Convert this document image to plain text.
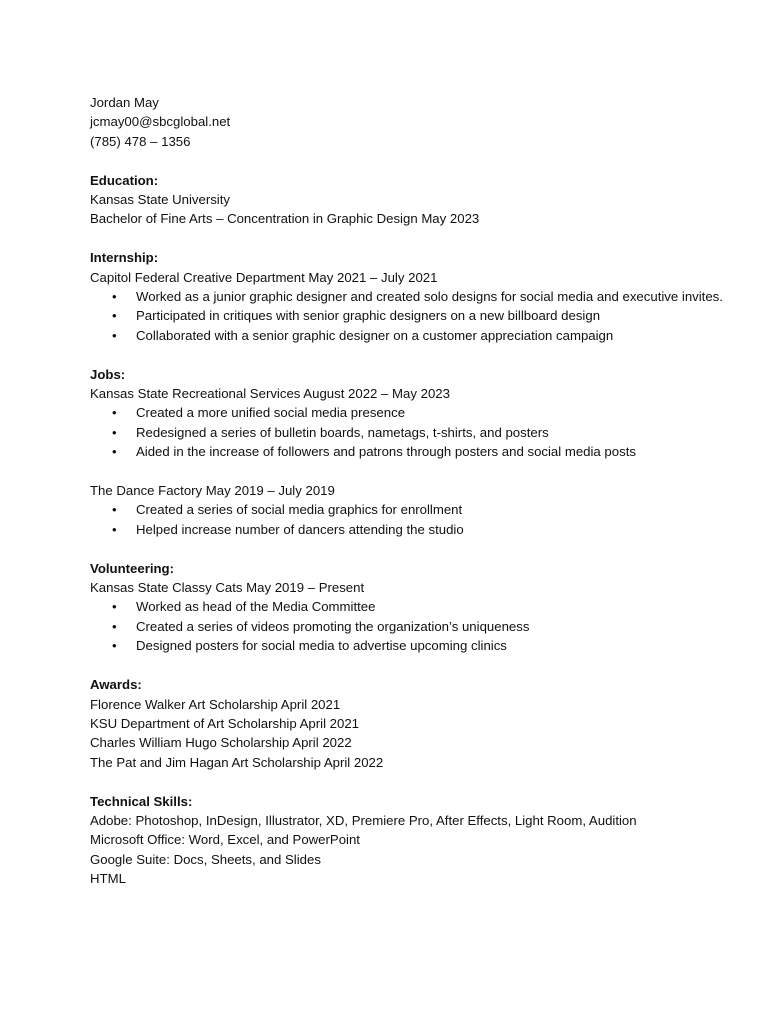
Jordan May
jcmay00@sbcglobal.net
(785) 478 – 1356
Education:
Kansas State University
Bachelor of Fine Arts – Concentration in Graphic Design May 2023
Internship:
Capitol Federal Creative Department May 2021 – July 2021
• Worked as a junior graphic designer and created solo designs for social media and executive invites.
• Participated in critiques with senior graphic designers on a new billboard design
• Collaborated with a senior graphic designer on a customer appreciation campaign
Jobs:
Kansas State Recreational Services August 2022 – May 2023
• Created a more unified social media presence
• Redesigned a series of bulletin boards, nametags, t-shirts, and posters
• Aided in the increase of followers and patrons through posters and social media posts
The Dance Factory May 2019 – July 2019
• Created a series of social media graphics for enrollment
• Helped increase number of dancers attending the studio
Volunteering:
Kansas State Classy Cats May 2019 – Present
• Worked as head of the Media Committee
• Created a series of videos promoting the organization’s uniqueness
• Designed posters for social media to advertise upcoming clinics
Awards:
Florence Walker Art Scholarship April 2021
KSU Department of Art Scholarship April 2021
Charles William Hugo Scholarship April 2022
The Pat and Jim Hagan Art Scholarship April 2022
Technical Skills:
Adobe: Photoshop, InDesign, Illustrator, XD, Premiere Pro, After Effects, Light Room, Audition
Microsoft Office: Word, Excel, and PowerPoint
Google Suite: Docs, Sheets, and Slides
HTML
